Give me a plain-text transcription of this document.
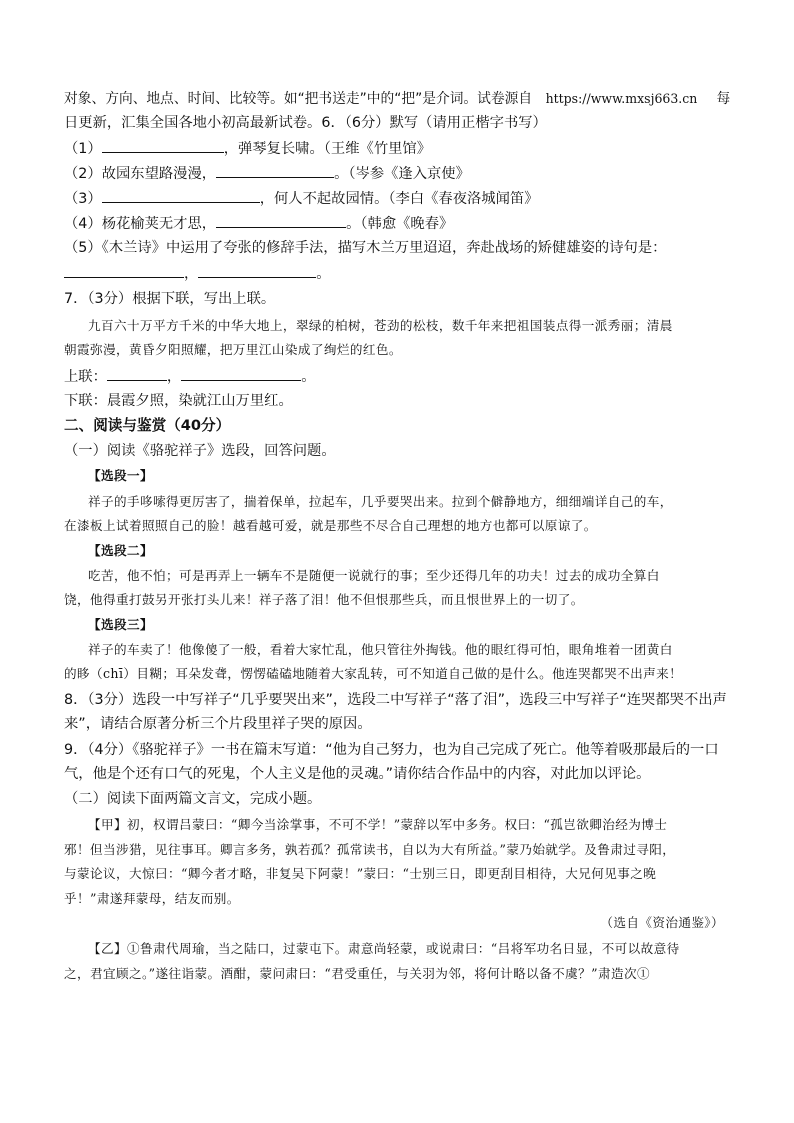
对象、方向、地点、时间、比较等。如“把书送走”中的“把”是介词。试卷源自 https://www.mxsj663.cn 每
日更新，汇集全国各地小初高最新试卷。6．（6分）默写（请用正楷字书写）
（1）	，弹琴复长啸。（王维《竹里馆》
（2）故园东望路漫漫，	。（岑参《逢入京使》
（3）	，何人不起故园情。（李白《春夜洛城闻笛》
（4）杨花榆荚无才思，	。（韩愈《晚春》
（5）《木兰诗》中运用了夸张的修辞手法，描写木兰万里迢迢，奔赴战场的矫健雄姿的诗句是：
，	。
7．（3分）根据下联，写出上联。
九百六十万平方千米的中华大地上，翠绿的柏树，苍劲的松枝，数千年来把祖国装点得一派秀丽；清晨
朝霞弥漫，黄昏夕阳照耀，把万里江山染成了绚烂的红色。
上联：	，	。
下联：晨霞夕照，染就江山万里红。
二、阅读与鉴赏（40分）
（一）阅读《骆驼祥子》选段，回答问题。
【选段一】
祥子的手哆嗦得更厉害了，揣着保单，拉起车，几乎要哭出来。拉到个僻静地方，细细端详自己的车，
在漆板上试着照照自己的脸！越看越可爱，就是那些不尽合自己理想的地方也都可以原谅了。
【选段二】
吃苦，他不怕；可是再弄上一辆车不是随便一说就行的事；至少还得几年的功夫！过去的成功全算白
饶，他得重打鼓另开张打头儿来！祥子落了泪！他不但恨那些兵，而且恨世界上的一切了。
【选段三】
祥子的车卖了！他像傻了一般，看着大家忙乱，他只管往外掏钱。他的眼红得可怕，眼角堆着一团黄白
的眵（chī）目糊；耳朵发聋，愣愣磕磕地随着大家乱转，可不知道自己做的是什么。他连哭都哭不出声来！
8．（3分）选段一中写祥子“几乎要哭出来”，选段二中写祥子“落了泪”，选段三中写祥子“连哭都哭不出声
来”，请结合原著分析三个片段里祥子哭的原因。
9．（4分）《骆驼祥子》一书在篇末写道：“他为自己努力，也为自己完成了死亡。他等着吸那最后的一口
气，他是个还有口气的死鬼，个人主义是他的灵魂。”请你结合作品中的内容，对此加以评论。
（二）阅读下面两篇文言文，完成小题。
【甲】初，权谓吕蒙曰：“卿今当涂掌事，不可不学！”蒙辞以军中多务。权曰：“孤岂欲卿治经为博士
邪！但当涉猎，见往事耳。卿言多务，孰若孤？孤常读书，自以为大有所益。”蒙乃始就学。及鲁肃过寻阳，
与蒙论议，大惊曰：“卿今者才略，非复吴下阿蒙！”蒙曰：“士别三日，即更刮目相待，大兄何见事之晚
乎！”肃遂拜蒙母，结友而别。
（选自《资治通鉴》）
【乙】①鲁肃代周瑜，当之陆口，过蒙屯下。肃意尚轻蒙，或说肃曰：“吕将军功名日显，不可以故意待
之，君宜顾之。”遂往诣蒙。酒酣，蒙问肃曰：“君受重任，与关羽为邻，将何计略以备不虞？”肃造次①
